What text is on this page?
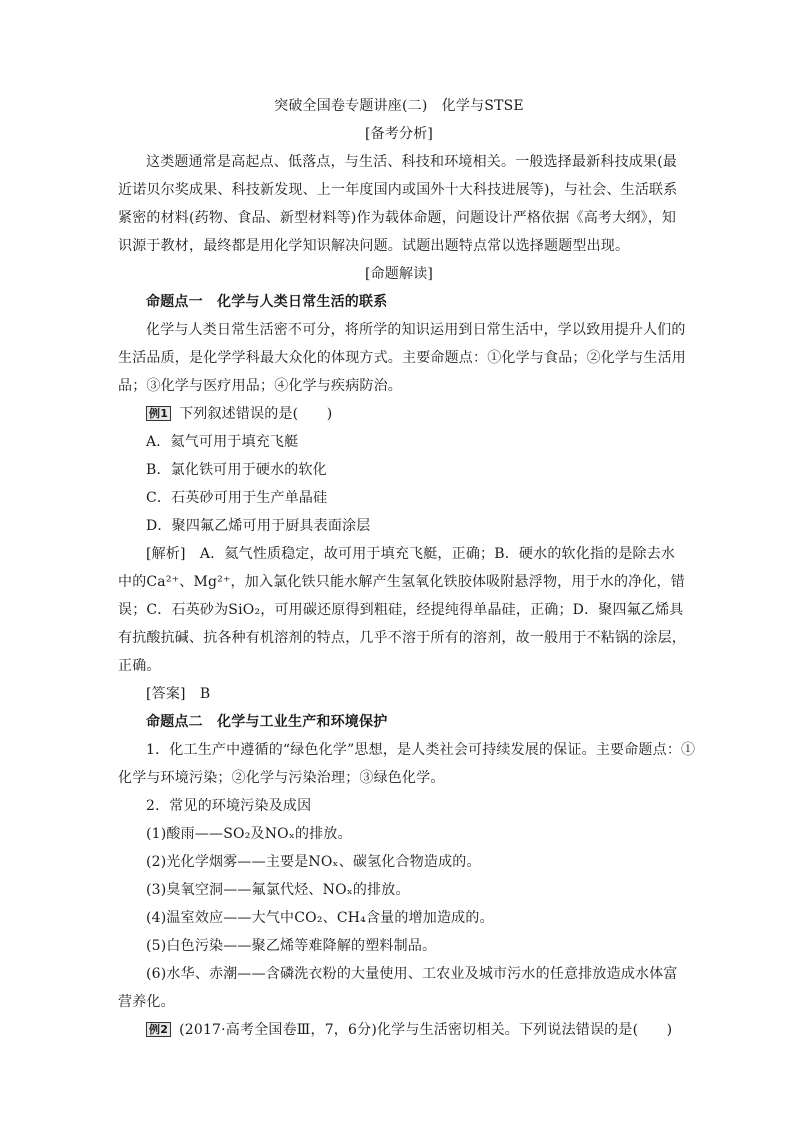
突破全国卷专题讲座(二)　化学与STSE
[备考分析]
这类题通常是高起点、低落点，与生活、科技和环境相关。一般选择最新科技成果(最
近诺贝尔奖成果、科技新发现、上一年度国内或国外十大科技进展等)，与社会、生活联系
紧密的材料(药物、食品、新型材料等)作为载体命题，问题设计严格依据《高考大纲》，知
识源于教材，最终都是用化学知识解决问题。试题出题特点常以选择题题型出现。
[命题解读]
命题点一　化学与人类日常生活的联系
化学与人类日常生活密不可分，将所学的知识运用到日常生活中，学以致用提升人们的
生活品质，是化学学科最大众化的体现方式。主要命题点：①化学与食品；②化学与生活用
品；③化学与医疗用品；④化学与疾病防治。
例1 下列叙述错误的是(　　)
A．氦气可用于填充飞艇
B．氯化铁可用于硬水的软化
C．石英砂可用于生产单晶硅
D．聚四氟乙烯可用于厨具表面涂层
[解析]　A．氦气性质稳定，故可用于填充飞艇，正确；B．硬水的软化指的是除去水
中的Ca²⁺、Mg²⁺，加入氯化铁只能水解产生氢氧化铁胶体吸附悬浮物，用于水的净化，错
误；C．石英砂为SiO₂，可用碳还原得到粗硅，经提纯得单晶硅，正确；D．聚四氟乙烯具
有抗酸抗碱、抗各种有机溶剂的特点，几乎不溶于所有的溶剂，故一般用于不粘锅的涂层，
正确。
[答案]　B
命题点二　化学与工业生产和环境保护
1．化工生产中遵循的“绿色化学”思想，是人类社会可持续发展的保证。主要命题点：①
化学与环境污染；②化学与污染治理；③绿色化学。
2．常见的环境污染及成因
(1)酸雨——SO₂及NOₓ的排放。
(2)光化学烟雾——主要是NOₓ、碳氢化合物造成的。
(3)臭氧空洞——氟氯代烃、NOₓ的排放。
(4)温室效应——大气中CO₂、CH₄含量的增加造成的。
(5)白色污染——聚乙烯等难降解的塑料制品。
(6)水华、赤潮——含磷洗衣粉的大量使用、工农业及城市污水的任意排放造成水体富
营养化。
例2 (2017·高考全国卷Ⅲ，7，6分)化学与生活密切相关。下列说法错误的是(　　)
